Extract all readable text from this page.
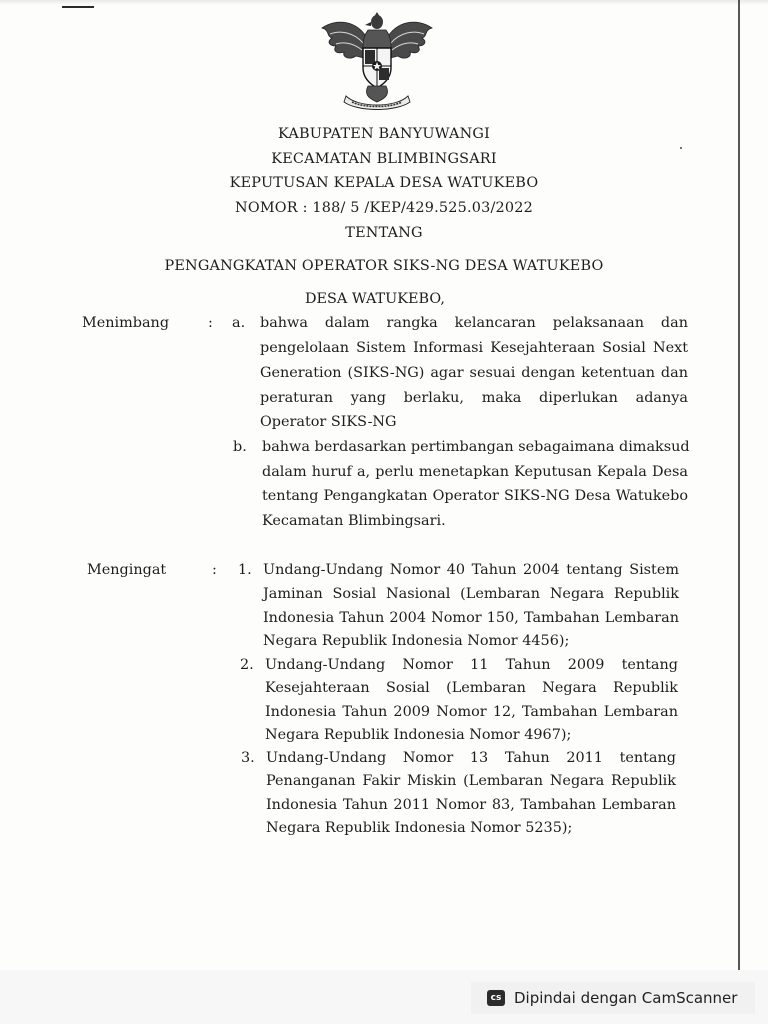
KABUPATEN BANYUWANGI
KECAMATAN BLIMBINGSARI
KEPUTUSAN KEPALA DESA WATUKEBO
NOMOR : 188/ 5 /KEP/429.525.03/2022
TENTANG
PENGANGKATAN OPERATOR SIKS-NG DESA WATUKEBO
DESA WATUKEBO,
Menimbang	: a. bahwa dalam rangka kelancaran pelaksanaan dan
pengelolaan Sistem Informasi Kesejahteraan Sosial Next
Generation (SIKS-NG) agar sesuai dengan ketentuan dan
peraturan yang berlaku, maka diperlukan adanya
Operator SIKS-NG
b. bahwa berdasarkan pertimbangan sebagaimana dimaksud
dalam huruf a, perlu menetapkan Keputusan Kepala Desa
tentang Pengangkatan Operator SIKS-NG Desa Watukebo
Kecamatan Blimbingsari.
Mengingat	: 1. Undang-Undang Nomor 40 Tahun 2004 tentang Sistem
Jaminan Sosial Nasional (Lembaran Negara Republik
Indonesia Tahun 2004 Nomor 150, Tambahan Lembaran
Negara Republik Indonesia Nomor 4456);
2. Undang-Undang Nomor 11 Tahun 2009 tentang
Kesejahteraan Sosial (Lembaran Negara Republik
Indonesia Tahun 2009 Nomor 12, Tambahan Lembaran
Negara Republik Indonesia Nomor 4967);
3. Undang-Undang Nomor 13 Tahun 2011 tentang
Penanganan Fakir Miskin (Lembaran Negara Republik
Indonesia Tahun 2011 Nomor 83, Tambahan Lembaran
Negara Republik Indonesia Nomor 5235);
cs Dipindai dengan CamScanner
